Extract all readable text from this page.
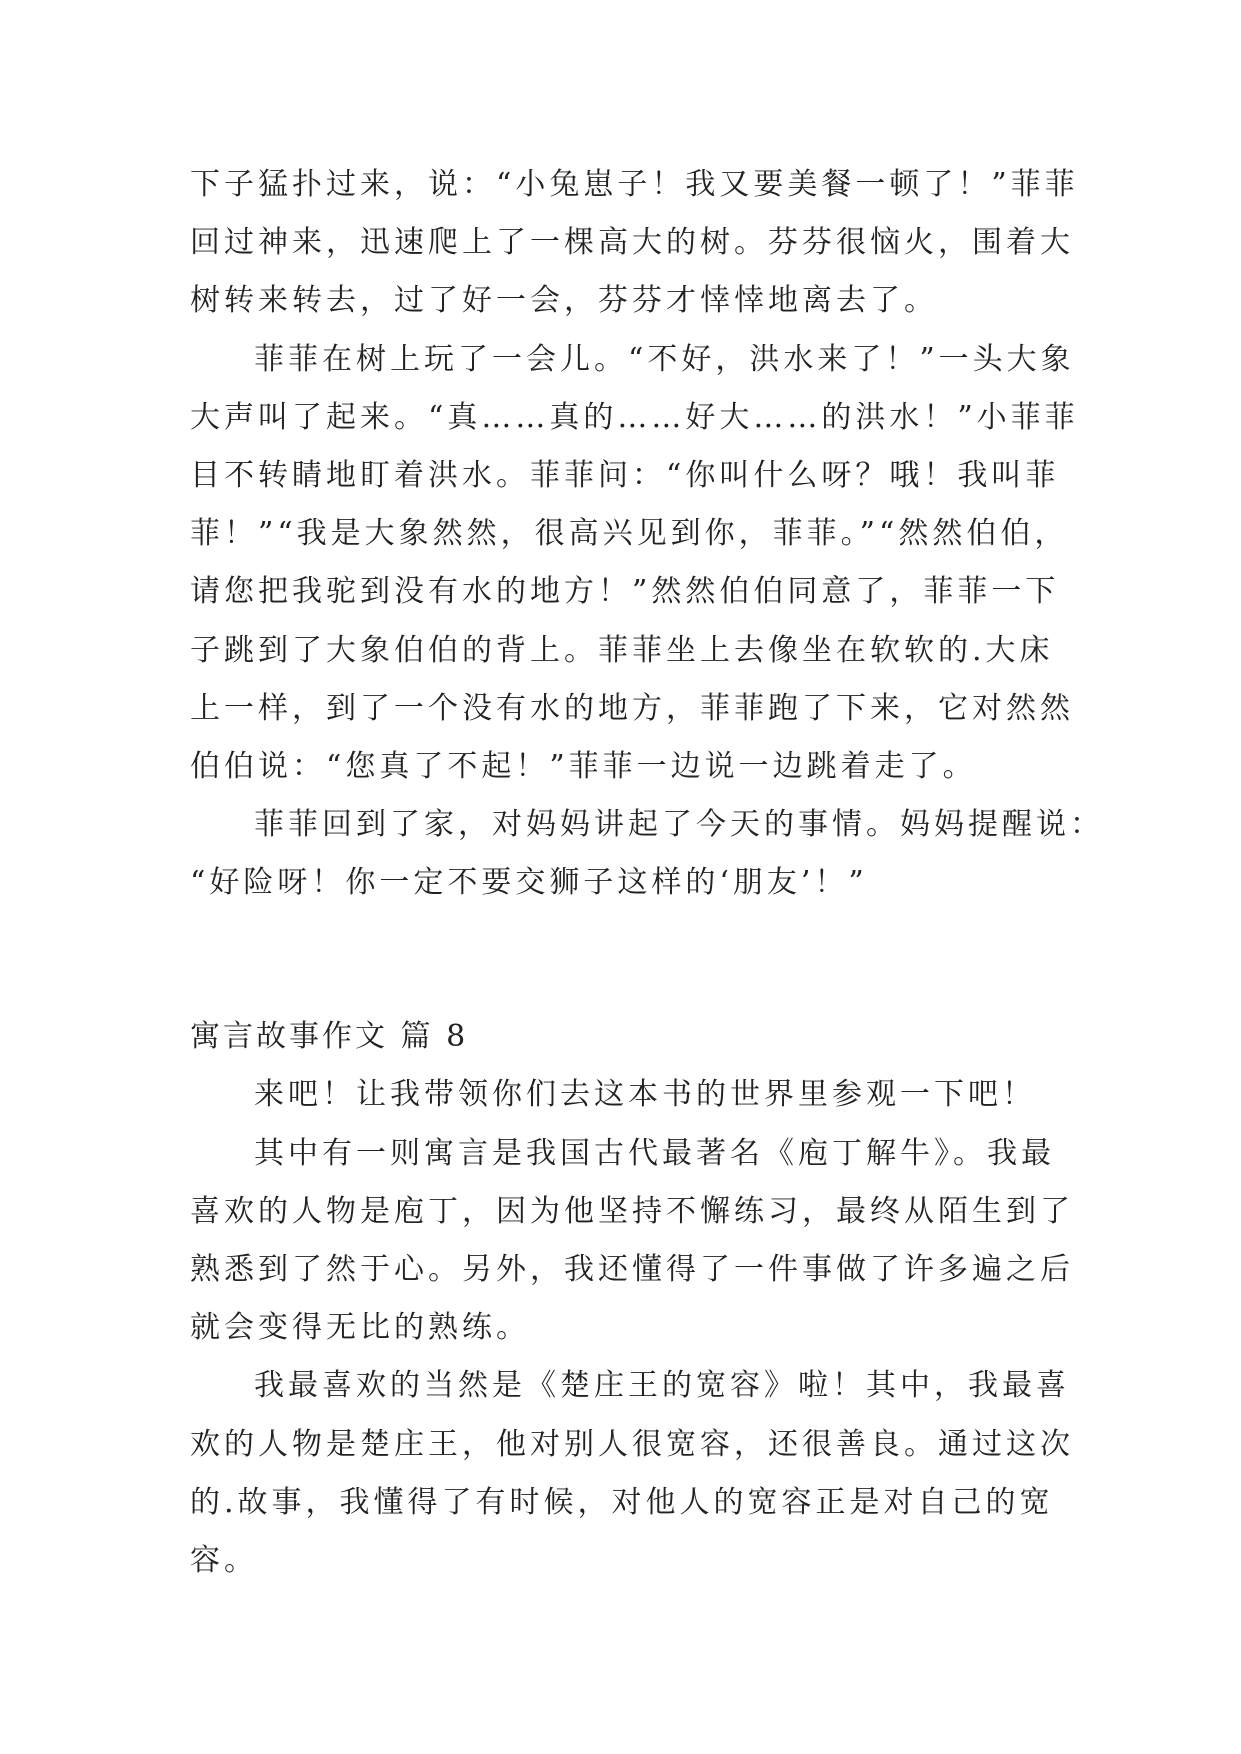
下子猛扑过来，说：“小兔崽子！我又要美餐一顿了！”菲菲
回过神来，迅速爬上了一棵高大的树。芬芬很恼火，围着大
树转来转去，过了好一会，芬芬才悻悻地离去了。
菲菲在树上玩了一会儿。“不好，洪水来了！”一头大象
大声叫了起来。“真……真的……好大……的洪水！”小菲菲
目不转睛地盯着洪水。菲菲问：“你叫什么呀？哦！我叫菲
菲！”“我是大象然然，很高兴见到你，菲菲。”“然然伯伯，
请您把我驼到没有水的地方！”然然伯伯同意了，菲菲一下
子跳到了大象伯伯的背上。菲菲坐上去像坐在软软的.大床
上一样，到了一个没有水的地方，菲菲跑了下来，它对然然
伯伯说：“您真了不起！”菲菲一边说一边跳着走了。
菲菲回到了家，对妈妈讲起了今天的事情。妈妈提醒说：
“好险呀！你一定不要交狮子这样的‘朋友’！”
寓言故事作文 篇 8
来吧！让我带领你们去这本书的世界里参观一下吧！
其中有一则寓言是我国古代最著名《庖丁解牛》。我最
喜欢的人物是庖丁，因为他坚持不懈练习，最终从陌生到了
熟悉到了然于心。另外，我还懂得了一件事做了许多遍之后
就会变得无比的熟练。
我最喜欢的当然是《楚庄王的宽容》啦！其中，我最喜
欢的人物是楚庄王，他对别人很宽容，还很善良。通过这次
的.故事，我懂得了有时候，对他人的宽容正是对自己的宽
容。
